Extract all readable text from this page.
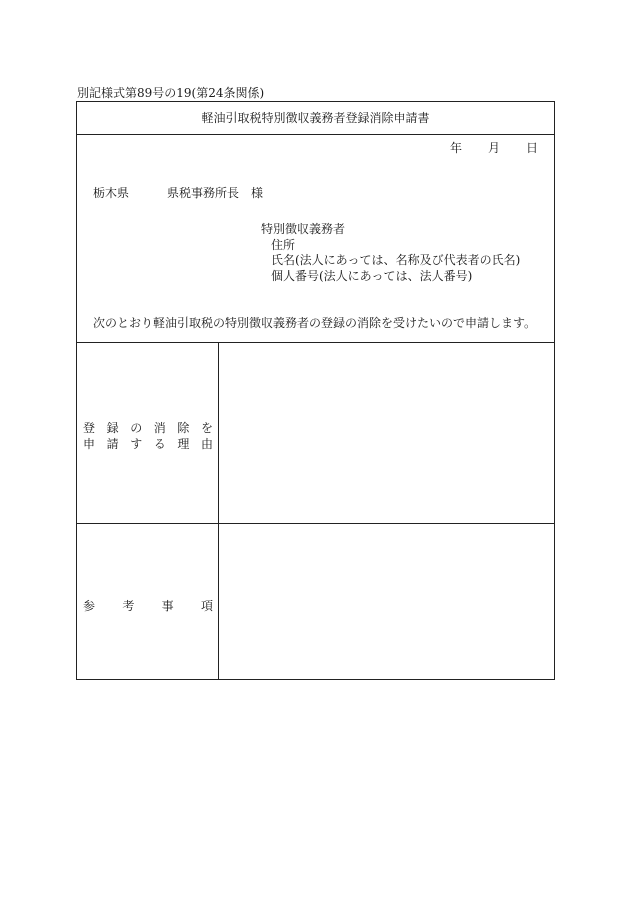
別記様式第89号の19(第24条関係)
軽油引取税特別徴収義務者登録消除申請書
年 月 日
栃木県	県税事務所長 様
特別徴収義務者
住所
氏名(法人にあっては、名称及び代表者の氏名)
個人番号(法人にあっては、法人番号)
次のとおり軽油引取税の特別徴収義務者の登録の消除を受けたいので申請します。
登 録 の 消 除 を
申 請 す る 理 由
参 考 事 項
